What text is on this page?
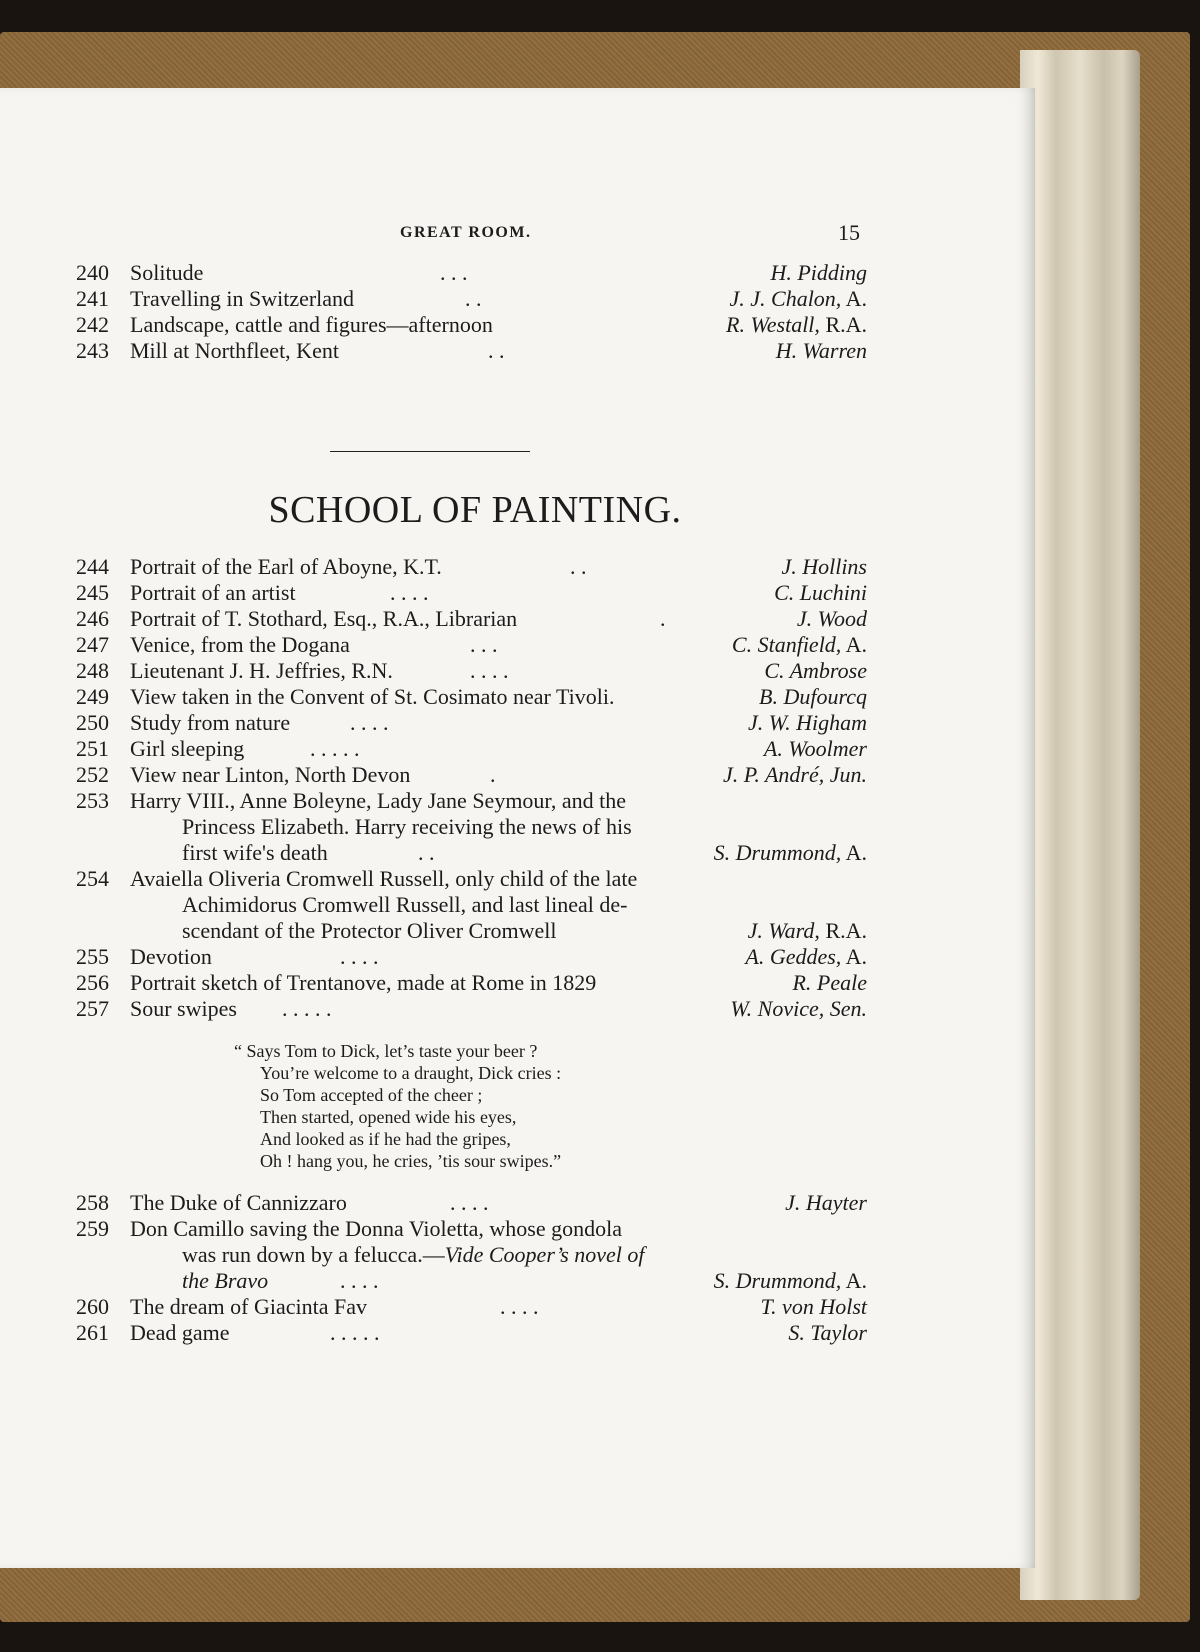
GREAT ROOM.	15
240 Solitude	. . .	H. Pidding
241 Travelling in Switzerland	. .	J. J. Chalon, A.
242 Landscape, cattle and figures—afternoon	R. Westall, R.A.
243 Mill at Northfleet, Kent	. .	H. Warren
SCHOOL OF PAINTING.
244 Portrait of the Earl of Aboyne, K.T.	. .	J. Hollins
245 Portrait of an artist	. . . .	C. Luchini
246 Portrait of T. Stothard, Esq., R.A., Librarian	.	J. Wood
247 Venice, from the Dogana	. . .	C. Stanfield, A.
248 Lieutenant J. H. Jeffries, R.N.	. . . .	C. Ambrose
249 View taken in the Convent of St. Cosimato near Tivoli.	B. Dufourcq
250 Study from nature	. . . .	J. W. Higham
251 Girl sleeping	. . . . .	A. Woolmer
252 View near Linton, North Devon	.	J. P. André, Jun.
253 Harry VIII., Anne Boleyne, Lady Jane Seymour, and the
Princess Elizabeth. Harry receiving the news of his
first wife's death	. .	S. Drummond, A.
254 Avaiella Oliveria Cromwell Russell, only child of the late
Achimidorus Cromwell Russell, and last lineal de-
scendant of the Protector Oliver Cromwell	J. Ward, R.A.
255 Devotion	. . . .	A. Geddes, A.
256 Portrait sketch of Trentanove, made at Rome in 1829	R. Peale
257 Sour swipes . . . . .	W. Novice, Sen.
“ Says Tom to Dick, let’s taste your beer ?
You’re welcome to a draught, Dick cries :
So Tom accepted of the cheer ;
Then started, opened wide his eyes,
And looked as if he had the gripes,
Oh ! hang you, he cries, ’tis sour swipes.”
258 The Duke of Cannizzaro	. . . .	J. Hayter
259 Don Camillo saving the Donna Violetta, whose gondola
was run down by a felucca.—Vide Cooper’s novel of
the Bravo	. . . .	S. Drummond, A.
260 The dream of Giacinta Fav	. . . .	T. von Holst
261 Dead game	. . . . .	S. Taylor
